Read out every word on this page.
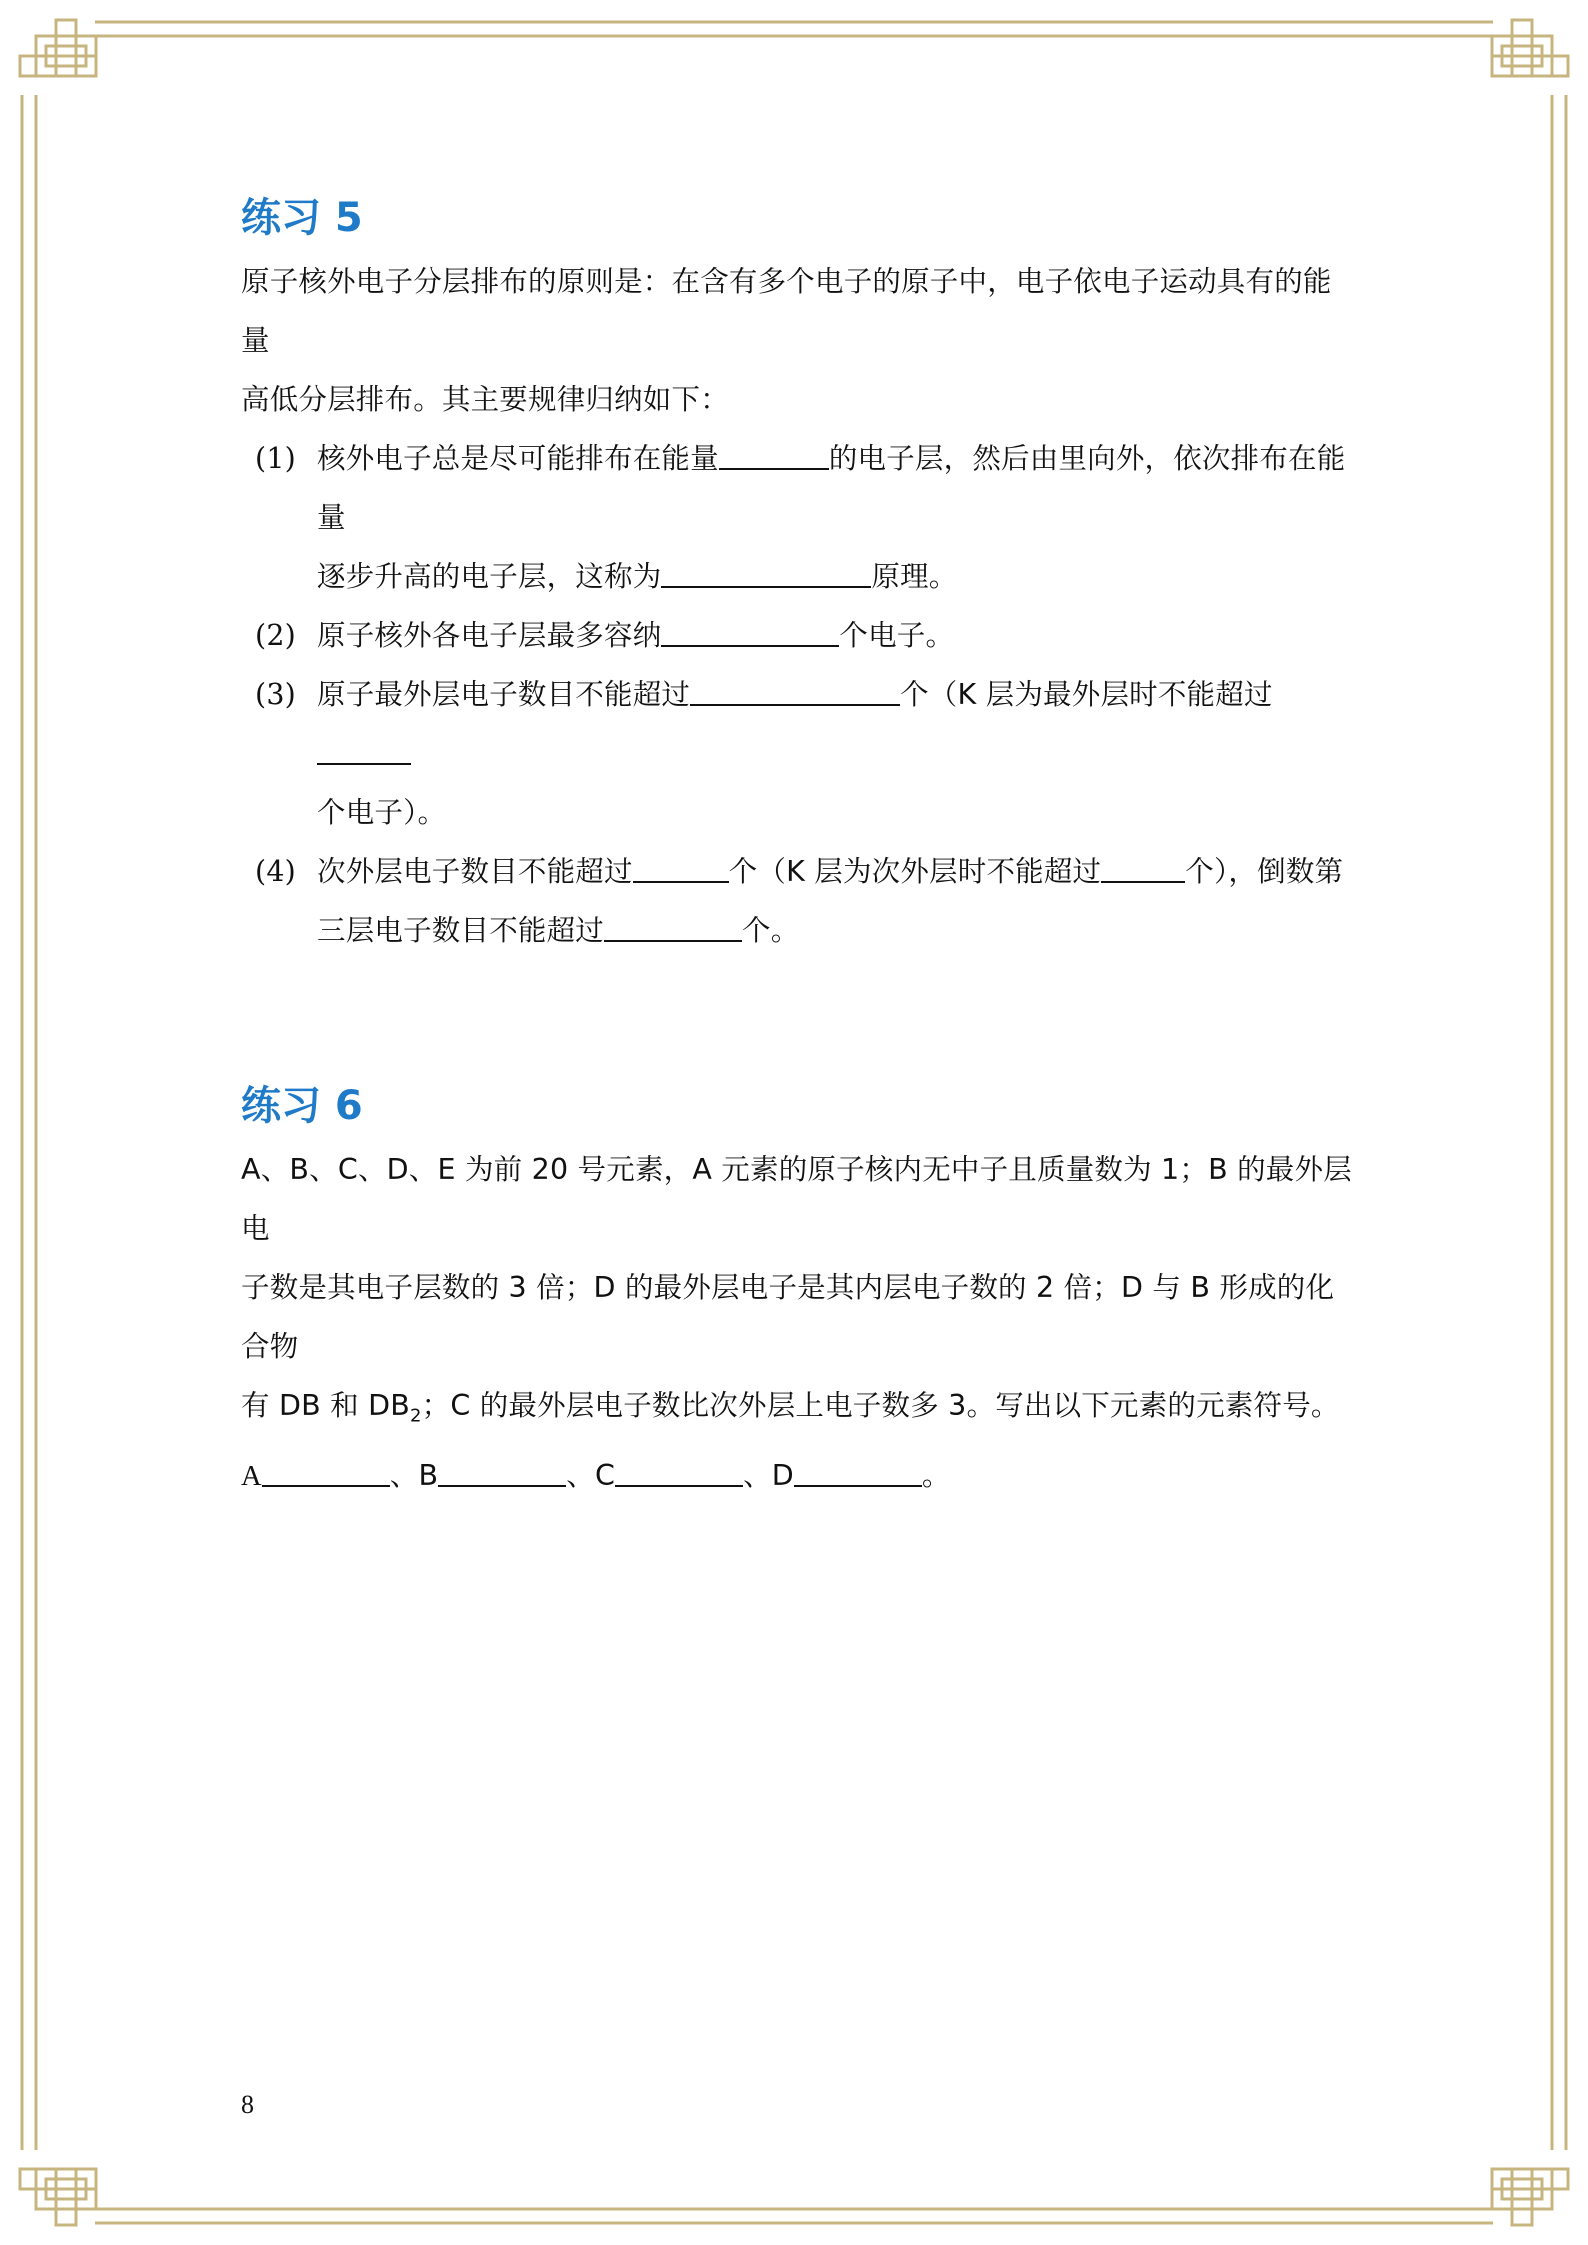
练习 5

原子核外电子分层排布的原则是：在含有多个电子的原子中，电子依电子运动具有的能量

高低分层排布。其主要规律归纳如下：

(1) 核外电子总是尽可能排布在能量	的电子层，然后由里向外，依次排布在能量
逐步升高的电子层，这称为	原理。
(2) 原子核外各电子层最多容纳	个电子。
(3) 原子最外层电子数目不能超过	个（K 层为最外层时不能超过
个电子）。
(4) 次外层电子数目不能超过	个（K 层为次外层时不能超过	个），倒数第
三层电子数目不能超过	个。
练习 6

A、B、C、D、E 为前 20 号元素，A 元素的原子核内无中子且质量数为 1；B 的最外层电

子数是其电子层数的 3 倍；D 的最外层电子是其内层电子数的 2 倍；D 与 B 形成的化合物

有 DB 和 $DB_2$；C 的最外层电子数比次外层上电子数多 3。写出以下元素的元素符号。

A	、B	、C	、D	。

8
